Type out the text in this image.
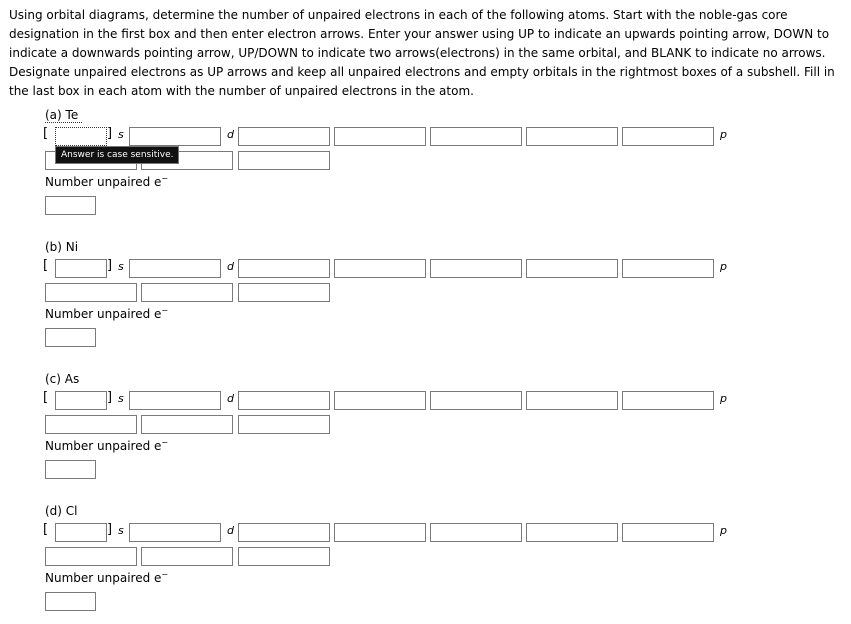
Using orbital diagrams, determine the number of unpaired electrons in each of the following atoms. Start with the noble-gas core designation in the first box and then enter electron arrows. Enter your answer using UP to indicate an upwards pointing arrow, DOWN to indicate a downwards pointing arrow, UP/DOWN to indicate two arrows(electrons) in the same orbital, and BLANK to indicate no arrows. Designate unpaired electrons as UP arrows and keep all unpaired electrons and empty orbitals in the rightmost boxes of a subshell. Fill in the last box in each atom with the number of unpaired electrons in the atom.
(a) Te
[	] s	d	p
Answer is case sensitive.
Number unpaired e−
(b) Ni
[	] s	d	p
Number unpaired e−
(c) As
[	] s	d	p
Number unpaired e−
(d) Cl
[	] s	d	p
Number unpaired e−
